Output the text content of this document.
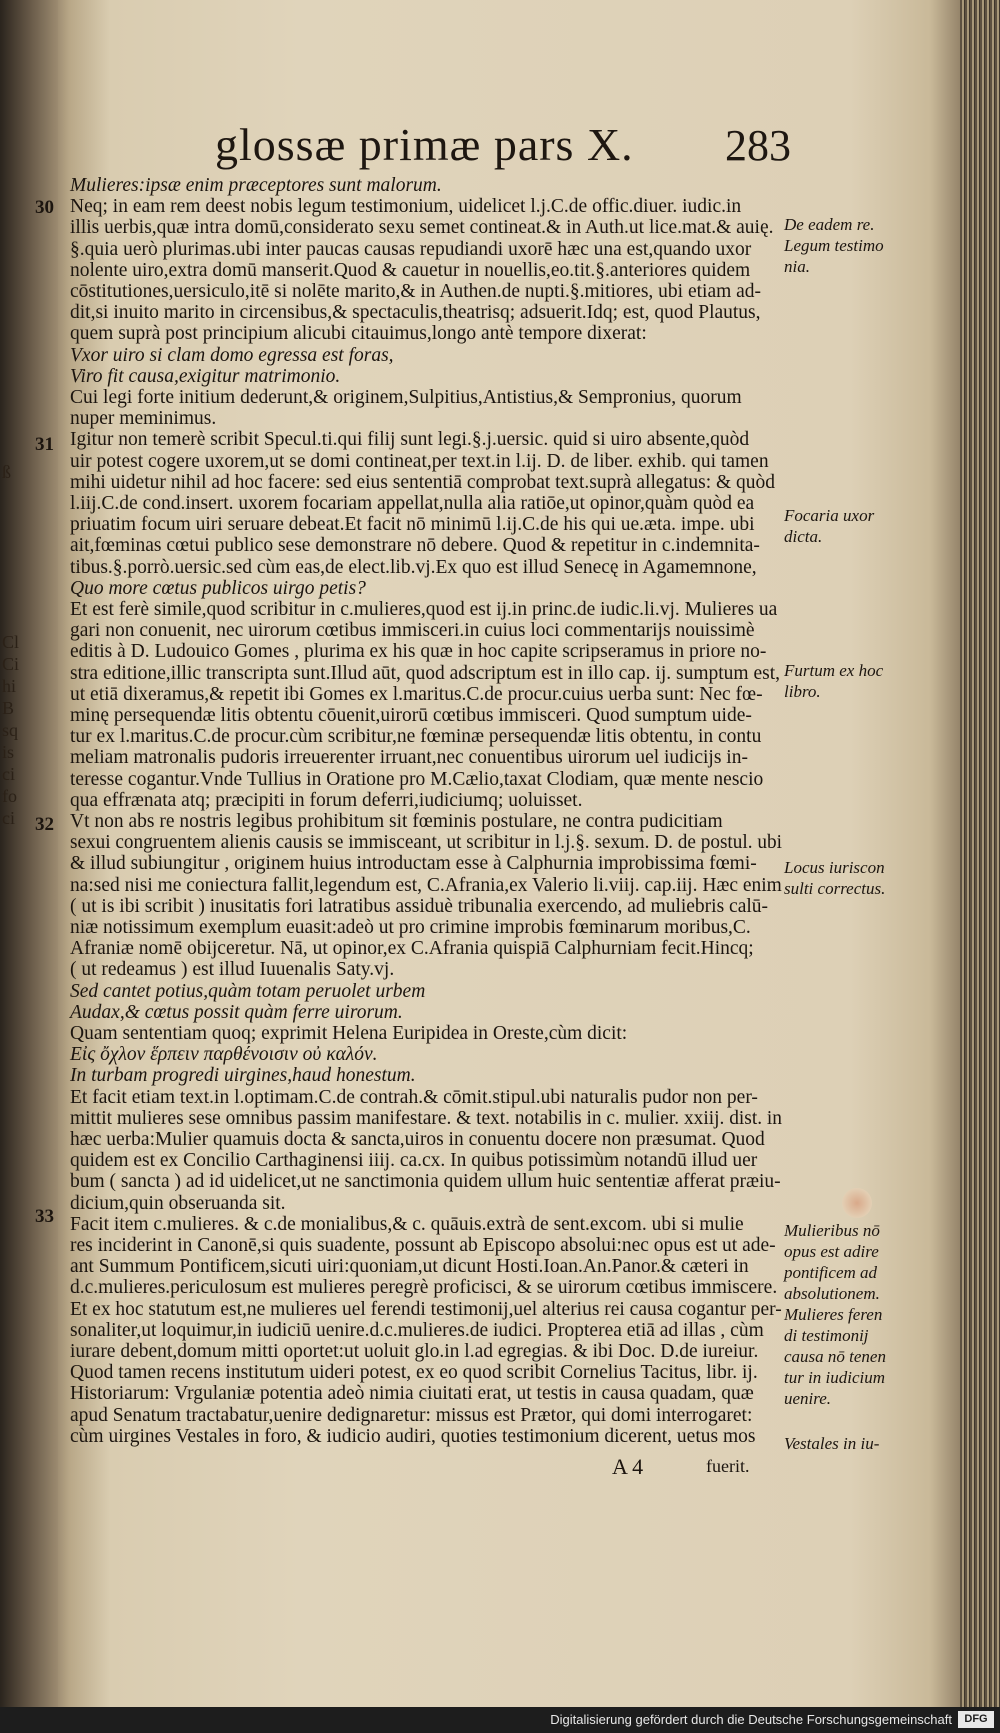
ß
Cl
Ci
hi
B
sq
is
ci
fo
ci
glossæ primæ pars X. 283
Mulieres:ipsæ enim præceptores sunt malorum.
Neq; in eam rem deest nobis legum testimonium, uidelicet l.j.C.de offic.diuer. iudic.in
illis uerbis,quæ intra domū,considerato sexu semet contineat.& in Auth.ut lice.mat.& auię.
§.quia uerò plurimas.ubi inter paucas causas repudiandi uxorē hæc una est,quando uxor
nolente uiro,extra domū manserit.Quod & cauetur in nouellis,eo.tit.§.anteriores quidem
cōstitutiones,uersiculo,itē si nolēte marito,& in Authen.de nupti.§.mitiores, ubi etiam ad-
dit,si inuito marito in circensibus,& spectaculis,theatrisq; adsuerit.Idq; est, quod Plautus,
quem suprà post principium alicubi citauimus,longo antè tempore dixerat:
Vxor uiro si clam domo egressa est foras,
Viro fit causa,exigitur matrimonio.
Cui legi forte initium dederunt,& originem,Sulpitius,Antistius,& Sempronius, quorum
nuper meminimus.
Igitur non temerè scribit Specul.ti.qui filij sunt legi.§.j.uersic. quid si uiro absente,quòd
uir potest cogere uxorem,ut se domi contineat,per text.in l.ij. D. de liber. exhib. qui tamen
mihi uidetur nihil ad hoc facere: sed eius sententiā comprobat text.suprà allegatus: & quòd
l.iij.C.de cond.insert. uxorem focariam appellat,nulla alia ratiōe,ut opinor,quàm quòd ea
priuatim focum uiri seruare debeat.Et facit nō minimū l.ij.C.de his qui ue.æta. impe. ubi
ait,fœminas cœtui publico sese demonstrare nō debere. Quod & repetitur in c.indemnita-
tibus.§.porrò.uersic.sed cùm eas,de elect.lib.vj.Ex quo est illud Senecę in Agamemnone,
Quo more cœtus publicos uirgo petis?
Et est ferè simile,quod scribitur in c.mulieres,quod est ij.in princ.de iudic.li.vj. Mulieres ua
gari non conuenit, nec uirorum cœtibus immisceri.in cuius loci commentarijs nouissimè
editis à D. Ludouico Gomes , plurima ex his quæ in hoc capite scripseramus in priore no-
stra editione,illic transcripta sunt.Illud aūt, quod adscriptum est in illo cap. ij. sumptum est,
ut etiā dixeramus,& repetit ibi Gomes ex l.maritus.C.de procur.cuius uerba sunt: Nec fœ-
minę persequendæ litis obtentu cōuenit,uirorū cœtibus immisceri. Quod sumptum uide-
tur ex l.maritus.C.de procur.cùm scribitur,ne fœminæ persequendæ litis obtentu, in contu
meliam matronalis pudoris irreuerenter irruant,nec conuentibus uirorum uel iudicijs in-
teresse cogantur.Vnde Tullius in Oratione pro M.Cælio,taxat Clodiam, quæ mente nescio
qua effrænata atq; præcipiti in forum deferri,iudiciumq; uoluisset.
Vt non abs re nostris legibus prohibitum sit fœminis postulare, ne contra pudicitiam
sexui congruentem alienis causis se immisceant, ut scribitur in l.j.§. sexum. D. de postul. ubi
& illud subiungitur , originem huius introductam esse à Calphurnia improbissima fœmi-
na:sed nisi me coniectura fallit,legendum est, C.Afrania,ex Valerio li.viij. cap.iij. Hæc enim
( ut is ibi scribit ) inusitatis fori latratibus assiduè tribunalia exercendo, ad muliebris calū-
niæ notissimum exemplum euasit:adeò ut pro crimine improbis fœminarum moribus,C.
Afraniæ nomē obijceretur. Nā, ut opinor,ex C.Afrania quispiā Calphurniam fecit.Hincq;
( ut redeamus ) est illud Iuuenalis Saty.vj.
Sed cantet potius,quàm totam peruolet urbem
Audax,& cœtus possit quàm ferre uirorum.
Quam sententiam quoq; exprimit Helena Euripidea in Oreste,cùm dicit:
Εἰς ὄχλον ἕρπειν παρθένοισιν οὐ καλόν.
In turbam progredi uirgines,haud honestum.
Et facit etiam text.in l.optimam.C.de contrah.& cōmit.stipul.ubi naturalis pudor non per-
mittit mulieres sese omnibus passim manifestare. & text. notabilis in c. mulier. xxiij. dist. in
hæc uerba:Mulier quamuis docta & sancta,uiros in conuentu docere non præsumat. Quod
quidem est ex Concilio Carthaginensi iiij. ca.cx. In quibus potissimùm notandū illud uer
bum ( sancta ) ad id uidelicet,ut ne sanctimonia quidem ullum huic sententiæ afferat præiu-
dicium,quin obseruanda sit.
Facit item c.mulieres. & c.de monialibus,& c. quāuis.extrà de sent.excom. ubi si mulie
res inciderint in Canonē,si quis suadente, possunt ab Episcopo absolui:nec opus est ut ade-
ant Summum Pontificem,sicuti uiri:quoniam,ut dicunt Hosti.Ioan.An.Panor.& cæteri in
d.c.mulieres.periculosum est mulieres peregrè proficisci, & se uirorum cœtibus immiscere.
Et ex hoc statutum est,ne mulieres uel ferendi testimonij,uel alterius rei causa cogantur per-
sonaliter,ut loquimur,in iudiciū uenire.d.c.mulieres.de iudici. Propterea etiā ad illas , cùm
iurare debent,domum mitti oportet:ut uoluit glo.in l.ad egregias. & ibi Doc. D.de iureiur.
Quod tamen recens institutum uideri potest, ex eo quod scribit Cornelius Tacitus, libr. ij.
Historiarum: Vrgulaniæ potentia adeò nimia ciuitati erat, ut testis in causa quadam, quæ
apud Senatum tractabatur,uenire dedignaretur: missus est Prætor, qui domi interrogaret:
cùm uirgines Vestales in foro, & iudicio audiri, quoties testimonium dicerent, uetus mos
30
31
32
33
De eadem re.
Legum testimo
nia.
Focaria uxor
dicta.
Furtum ex hoc
libro.
Locus iuriscon
sulti correctus.
Mulieribus nō
opus est adire
pontificem ad
absolutionem.
Mulieres feren
di testimonij
causa nō tenen
tur in iudicium
uenire.
Vestales in iu-
A 4	fuerit.
Digitalisierung gefördert durch die Deutsche Forschungsgemeinschaft	DFG
